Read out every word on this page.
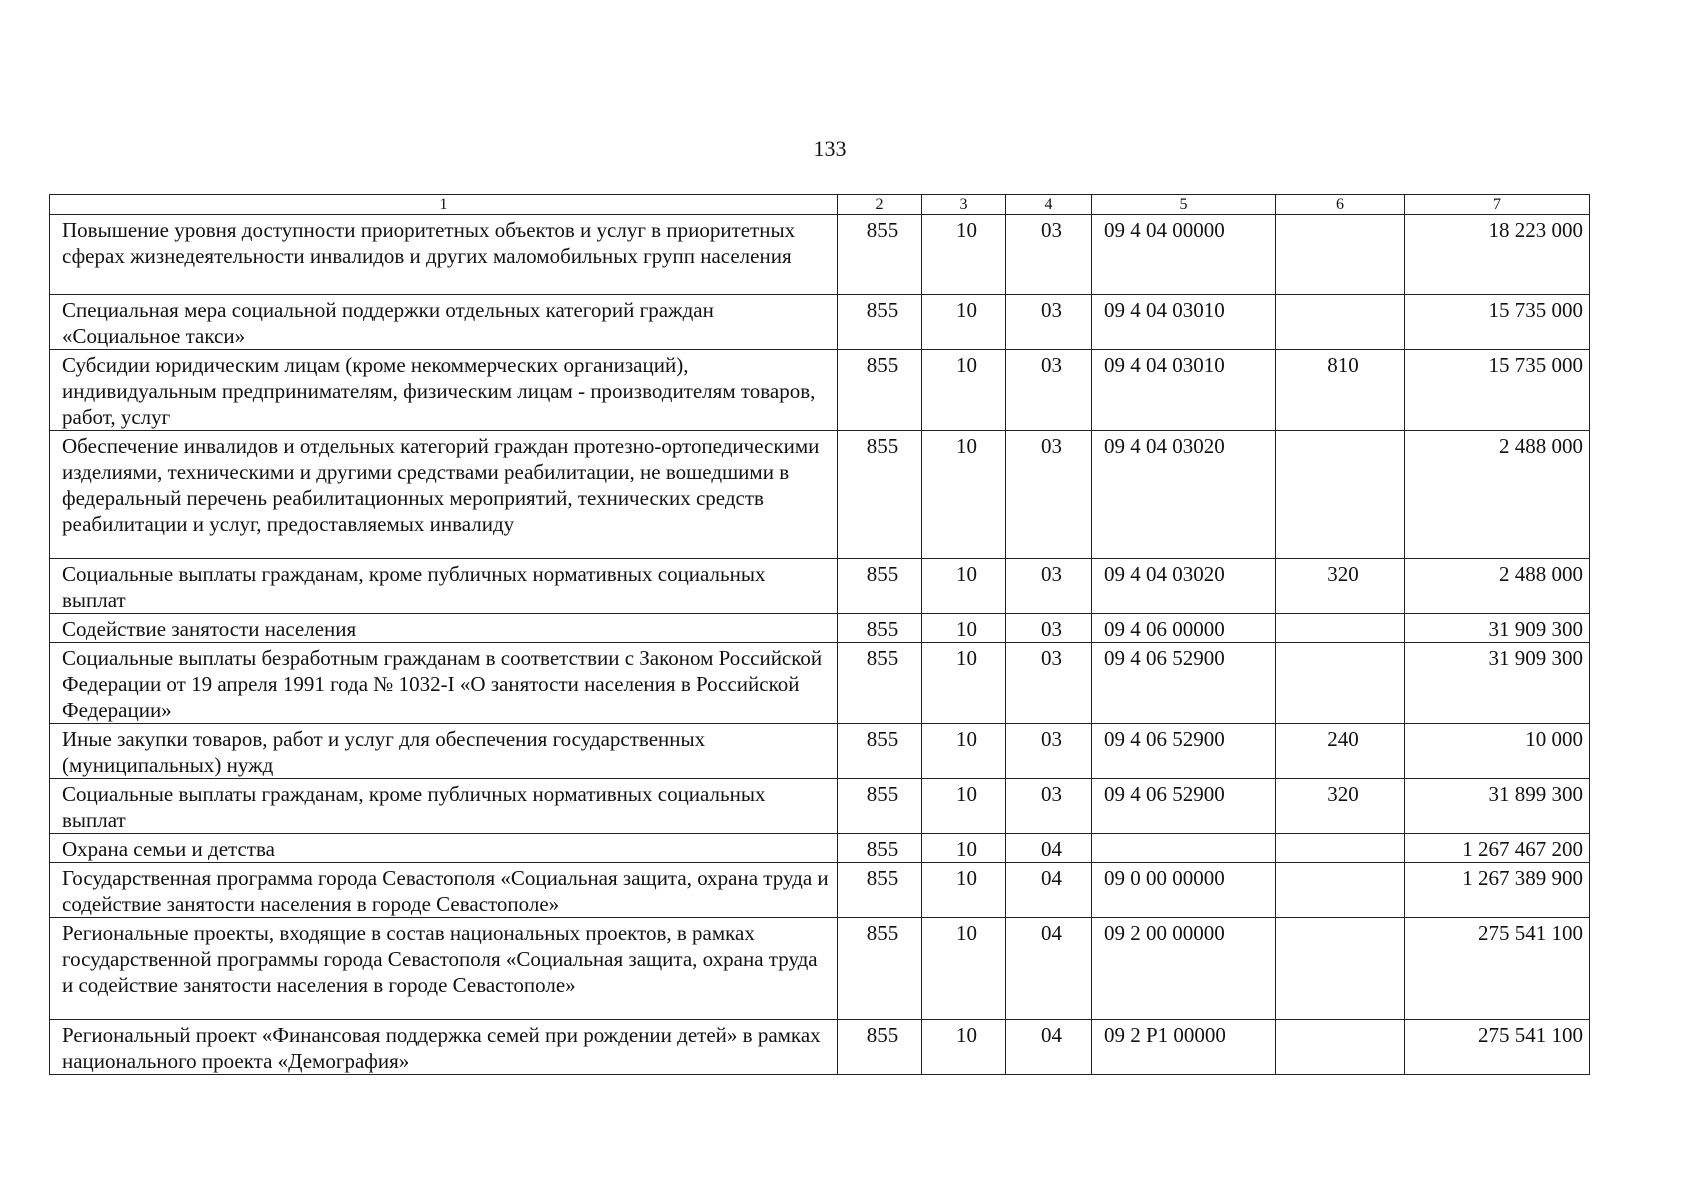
133
1	2	3	4	5	6	7
Повышение уровня доступности приоритетных объектов и услуг в приоритетных сферах жизнедеятельности инвалидов и других маломобильных групп населения	855	10	03	09 4 04 00000		18 223 000
Специальная мера социальной поддержки отдельных категорий граждан «Социальное такси»	855	10	03	09 4 04 03010		15 735 000
Субсидии юридическим лицам (кроме некоммерческих организаций), индивидуальным предпринимателям, физическим лицам - производителям товаров, работ, услуг	855	10	03	09 4 04 03010	810	15 735 000
Обеспечение инвалидов и отдельных категорий граждан протезно-ортопедическими изделиями, техническими и другими средствами реабилитации, не вошедшими в федеральный перечень реабилитационных мероприятий, технических средств реабилитации и услуг, предоставляемых инвалиду	855	10	03	09 4 04 03020		2 488 000
Социальные выплаты гражданам, кроме публичных нормативных социальных выплат	855	10	03	09 4 04 03020	320	2 488 000
Содействие занятости населения	855	10	03	09 4 06 00000		31 909 300
Социальные выплаты безработным гражданам в соответствии с Законом Российской Федерации от 19 апреля 1991 года № 1032-I «О занятости населения в Российской Федерации»	855	10	03	09 4 06 52900		31 909 300
Иные закупки товаров, работ и услуг для обеспечения государственных (муниципальных) нужд	855	10	03	09 4 06 52900	240	10 000
Социальные выплаты гражданам, кроме публичных нормативных социальных выплат	855	10	03	09 4 06 52900	320	31 899 300
Охрана семьи и детства	855	10	04			1 267 467 200
Государственная программа города Севастополя «Социальная защита, охрана труда и содействие занятости населения в городе Севастополе»	855	10	04	09 0 00 00000		1 267 389 900
Региональные проекты, входящие в состав национальных проектов, в рамках государственной программы города Севастополя «Социальная защита, охрана труда и содействие занятости населения в городе Севастополе»	855	10	04	09 2 00 00000		275 541 100
Региональный проект «Финансовая поддержка семей при рождении детей» в рамках национального проекта «Демография»	855	10	04	09 2 P1 00000		275 541 100
